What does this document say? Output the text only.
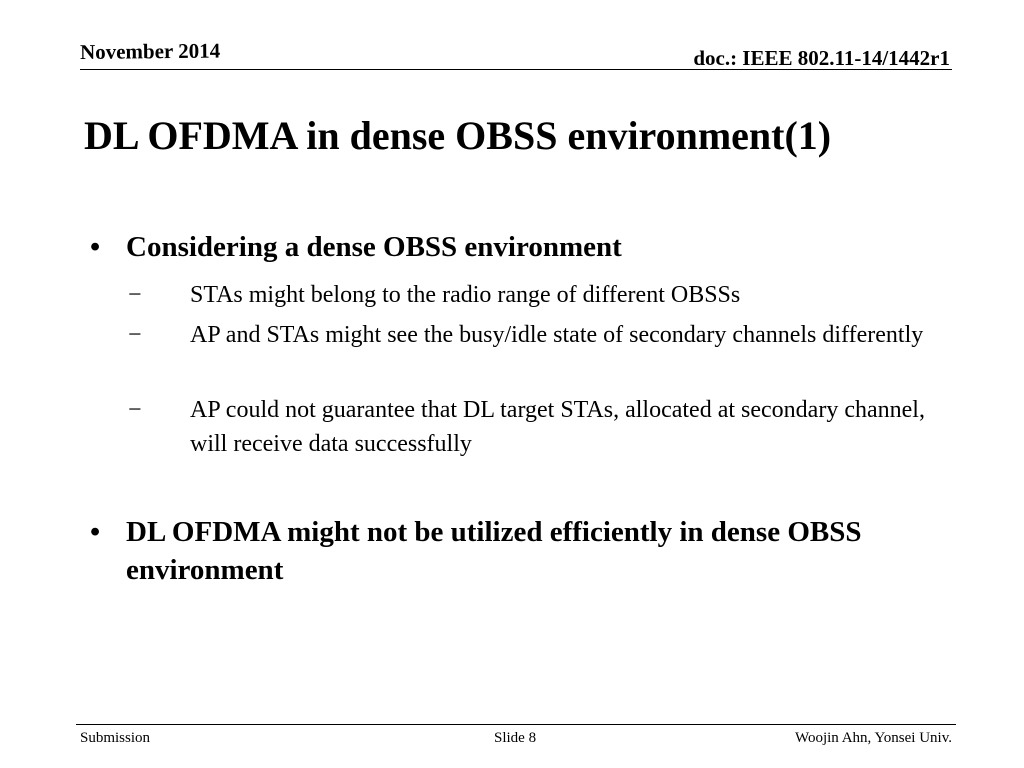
November 2014	doc.: IEEE 802.11-14/1442r1
DL OFDMA in dense OBSS environment(1)
• Considering a dense OBSS environment
−	STAs might belong to the radio range of different OBSSs
−	AP and STAs might see the busy/idle state of secondary channels differently
−	AP could not guarantee that DL target STAs, allocated at secondary channel, will receive data successfully
• DL OFDMA might not be utilized efficiently in dense OBSS environment
Submission	Slide 8	Woojin Ahn, Yonsei Univ.
